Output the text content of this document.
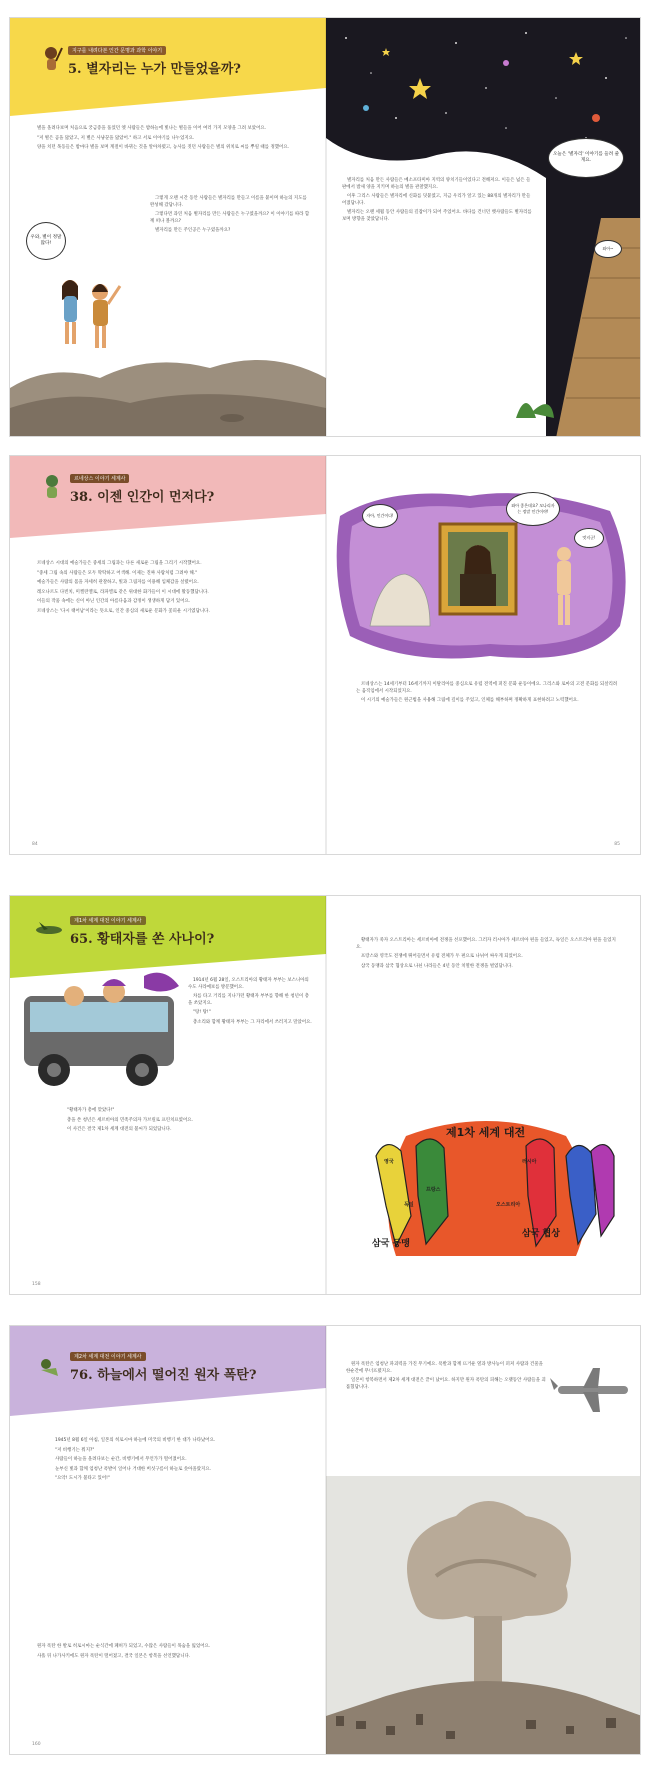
지구를 내려다본 인간 문명과 과학 이야기
5. 별자리는 누가 만들었을까?

별을 올려다보며 처음으로 궁금증을 품었던 옛 사람들은 밤하늘에 빛나는 별들을 이어 여러 가지 모양을 그려 보았어요.

"저 별은 곰을 닮았고, 저 별은 사냥꾼을 닮았어." 하고 서로 이야기를 나누었지요.

양을 치던 목동들은 밤마다 별을 보며 계절이 바뀌는 것을 알아차렸고, 농사를 짓던 사람들은 별의 위치로 씨를 뿌릴 때를 정했어요.

그렇게 오랜 시간 동안 사람들은 별자리를 만들고 이름을 붙이며 하늘의 지도를 완성해 갔답니다.

그렇다면 과연 처음 별자리를 만든 사람들은 누구였을까요? 이 이야기를 따라 함께 떠나 볼까요?

별자리를 만든 주인공은 누구였을까요?

우와, 별이 정말 많다!
오늘은 '별자리' 이야기를 들려 줄게요.
와아~

별자리를 처음 만든 사람들은 메소포타미아 지역의 양치기들이었다고 전해져요. 이들은 넓은 들판에서 밤새 양을 지키며 하늘의 별을 관찰했지요.

이후 그리스 사람들은 별자리에 신화를 덧붙였고, 지금 우리가 알고 있는 88개의 별자리가 만들어졌답니다.

별자리는 오랜 세월 동안 사람들의 길잡이가 되어 주었어요. 바다를 건너던 뱃사람들도 별자리를 보며 방향을 찾았답니다.

르네상스 이야기 세계사
38. 이젠 인간이 먼저다?

르네상스 시대의 예술가들은 중세의 그림과는 다른 새로운 그림을 그리기 시작했어요.

"중세 그림 속의 사람들은 모두 딱딱하고 어색해. 이제는 진짜 사람처럼 그려야 해."

예술가들은 사람의 몸을 자세히 관찰하고, 빛과 그림자를 이용해 입체감을 살렸어요.

레오나르도 다빈치, 미켈란젤로, 라파엘로 같은 위대한 화가들이 이 시대에 활동했답니다.

이들의 작품 속에는 신이 아닌 인간의 아름다움과 감정이 생생하게 담겨 있어요.

르네상스는 '다시 태어남'이라는 뜻으로, 인간 중심의 새로운 문화가 꽃피운 시기였답니다.

84
자아, 인간이다!
와아 좋은데요? 모나리자는 정말 인간이야!
멋지군!

르네상스는 14세기부터 16세기까지 이탈리아를 중심으로 유럽 전역에 퍼진 문화 운동이에요. 그리스와 로마의 고전 문화를 되살리려는 움직임에서 시작되었지요.

이 시기의 예술가들은 원근법을 사용해 그림에 깊이를 주었고, 인체를 해부하며 정확하게 표현하려고 노력했어요.

85
제1차 세계 대전 이야기 세계사
65. 황태자를 쏜 사나이?

1914년 6월 28일, 오스트리아의 황태자 부부는 보스니아의 수도 사라예보를 방문했어요.

차를 타고 거리를 지나가던 황태자 부부를 향해 한 청년이 총을 쏘았지요.

"탕! 탕!"

총소리와 함께 황태자 부부는 그 자리에서 쓰러지고 말았어요.

"황태자가 총에 맞았다!"

총을 쏜 청년은 세르비아의 민족주의자 가브릴로 프린치프였어요.

이 사건은 결국 제1차 세계 대전의 불씨가 되었답니다.

158

황태자가 죽자 오스트리아는 세르비아에 전쟁을 선포했어요. 그러자 러시아가 세르비아 편을 들었고, 독일은 오스트리아 편을 들었지요.

프랑스와 영국도 전쟁에 뛰어들면서 유럽 전체가 두 편으로 나뉘어 싸우게 되었어요.

삼국 동맹과 삼국 협상으로 나뉜 나라들은 4년 동안 치열한 전쟁을 벌였답니다.

제1차 세계 대전
삼국 동맹
삼국 협상
영국
프랑스
러시아
독일	오스트리아
제2차 세계 대전 이야기 세계사
76. 하늘에서 떨어진 원자 폭탄?

1945년 8월 6일 아침, 일본의 히로시마 하늘에 미국의 비행기 한 대가 나타났어요.

"저 비행기는 뭐지?"

사람들이 하늘을 올려다보는 순간, 비행기에서 무언가가 떨어졌어요.

눈부신 빛과 함께 엄청난 폭발이 일어나 거대한 버섯구름이 하늘로 솟아올랐지요.

"으악! 도시가 불타고 있어!"

원자 폭탄 한 발로 히로시마는 순식간에 폐허가 되었고, 수많은 사람들이 목숨을 잃었어요.

사흘 뒤 나가사키에도 원자 폭탄이 떨어졌고, 결국 일본은 항복을 선언했답니다.

160

원자 폭탄은 엄청난 파괴력을 가진 무기예요. 폭발과 함께 뜨거운 열과 방사능이 퍼져 사람과 건물을 한순간에 무너뜨렸지요.

일본이 항복하면서 제2차 세계 대전은 끝이 났어요. 하지만 원자 폭탄의 피해는 오랫동안 사람들을 괴롭혔답니다.
